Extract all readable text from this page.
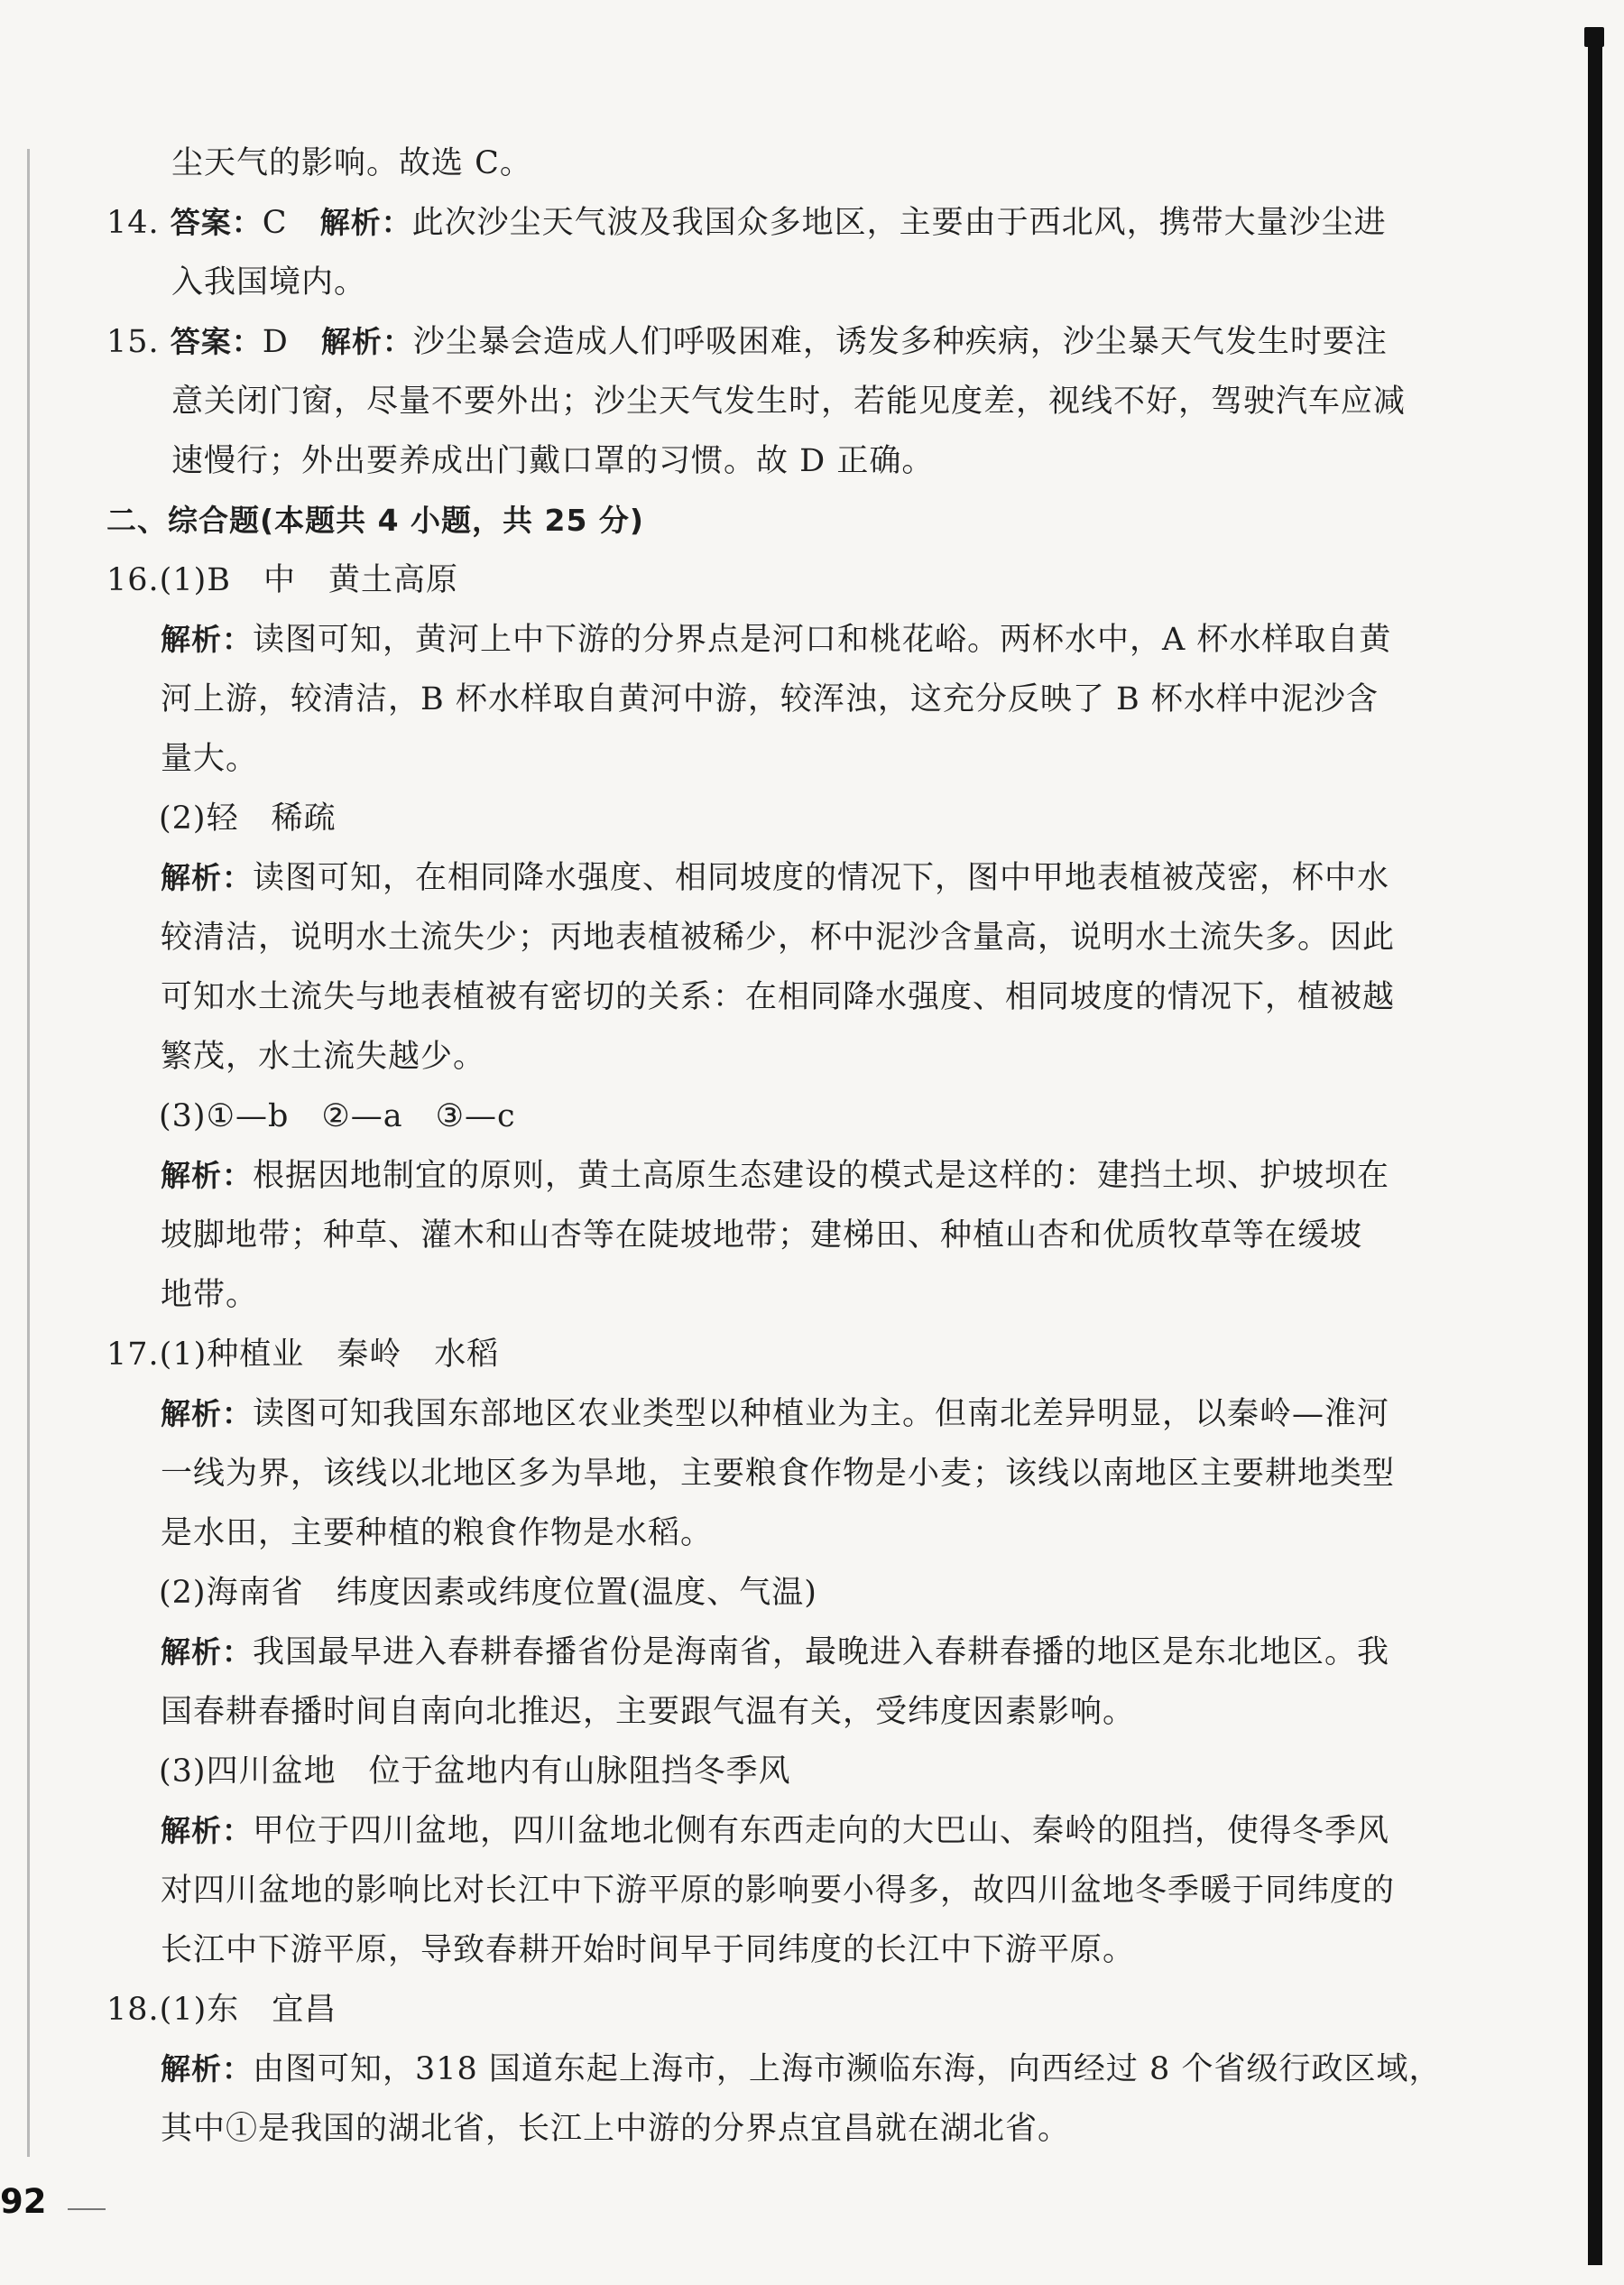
尘天气的影响。故选 C。
14. 答案：C　解析：此次沙尘天气波及我国众多地区，主要由于西北风，携带大量沙尘进
入我国境内。
15. 答案：D　解析：沙尘暴会造成人们呼吸困难，诱发多种疾病，沙尘暴天气发生时要注
意关闭门窗，尽量不要外出；沙尘天气发生时，若能见度差，视线不好，驾驶汽车应减
速慢行；外出要养成出门戴口罩的习惯。故 D 正确。
二、综合题(本题共 4 小题，共 25 分)
16.(1)B　中　黄土高原
解析：读图可知，黄河上中下游的分界点是河口和桃花峪。两杯水中，A 杯水样取自黄
河上游，较清洁，B 杯水样取自黄河中游，较浑浊，这充分反映了 B 杯水样中泥沙含
量大。
(2)轻　稀疏
解析：读图可知，在相同降水强度、相同坡度的情况下，图中甲地表植被茂密，杯中水
较清洁，说明水土流失少；丙地表植被稀少，杯中泥沙含量高，说明水土流失多。因此
可知水土流失与地表植被有密切的关系：在相同降水强度、相同坡度的情况下，植被越
繁茂，水土流失越少。
(3)①—b　②—a　③—c
解析：根据因地制宜的原则，黄土高原生态建设的模式是这样的：建挡土坝、护坡坝在
坡脚地带；种草、灌木和山杏等在陡坡地带；建梯田、种植山杏和优质牧草等在缓坡
地带。
17.(1)种植业　秦岭　水稻
解析：读图可知我国东部地区农业类型以种植业为主。但南北差异明显，以秦岭—淮河
一线为界，该线以北地区多为旱地，主要粮食作物是小麦；该线以南地区主要耕地类型
是水田，主要种植的粮食作物是水稻。
(2)海南省　纬度因素或纬度位置(温度、气温)
解析：我国最早进入春耕春播省份是海南省，最晚进入春耕春播的地区是东北地区。我
国春耕春播时间自南向北推迟，主要跟气温有关，受纬度因素影响。
(3)四川盆地　位于盆地内有山脉阻挡冬季风
解析：甲位于四川盆地，四川盆地北侧有东西走向的大巴山、秦岭的阻挡，使得冬季风
对四川盆地的影响比对长江中下游平原的影响要小得多，故四川盆地冬季暖于同纬度的
长江中下游平原，导致春耕开始时间早于同纬度的长江中下游平原。
18.(1)东　宜昌
解析：由图可知，318 国道东起上海市，上海市濒临东海，向西经过 8 个省级行政区域，
其中①是我国的湖北省，长江上中游的分界点宜昌就在湖北省。
92
